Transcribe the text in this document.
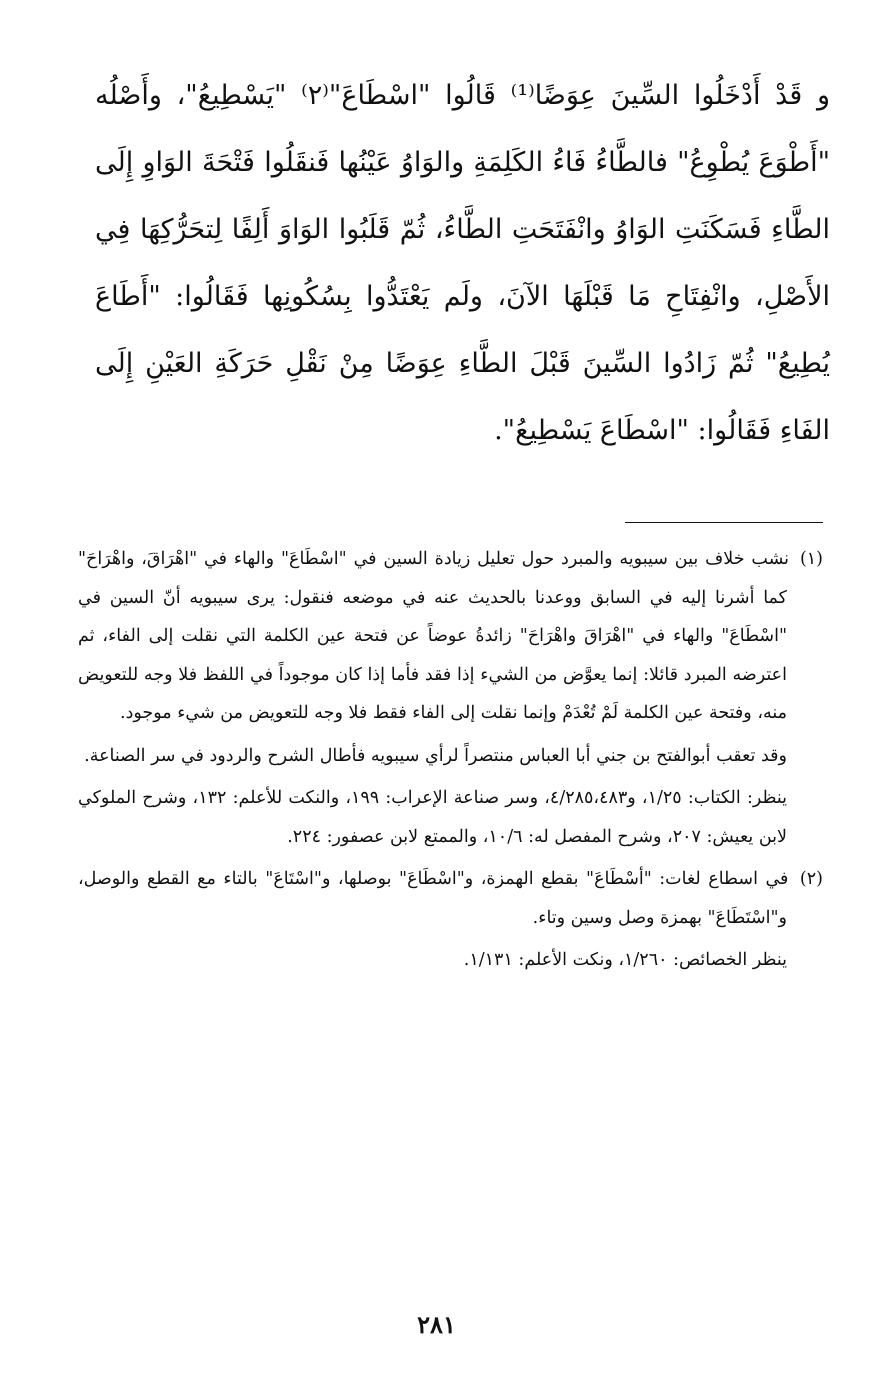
و قَدْ أَدْخَلُوا السِّينَ عِوَضًا⁽¹⁾ قَالُوا "اسْطَاعَ"⁽٢⁾ "يَسْطِيعُ"، وأَصْلُه "أَطْوَعَ يُطْوِعُ" فالطَّاءُ فَاءُ الكَلِمَةِ والوَاوُ عَيْنُها فَنقَلُوا فَتْحَةَ الوَاوِ إِلَى الطَّاءِ فَسَكَنَتِ الوَاوُ وانْفَتَحَتِ الطَّاءُ، ثُمّ قَلَبُوا الوَاوَ أَلِفًا لِتحَرُّكِهَا فِي الأَصْلِ، وانْفِتَاحِ مَا قَبْلَهَا الآنَ، ولَم يَعْتَدُّوا بِسُكُونِها فَقَالُوا: "أَطَاعَ يُطِيعُ" ثُمّ زَادُوا السِّينَ قَبْلَ الطَّاءِ عِوَضًا مِنْ نَقْلِ حَرَكَةِ العَيْنِ إِلَى الفَاءِ فَقَالُوا: "اسْطَاعَ يَسْطِيعُ".

(١) نشب خلاف بين سيبويه والمبرد حول تعليل زيادة السين في "اسْطَاعَ" والهاء في "اهْرَاقَ، واهْرَاحَ" كما أشرنا إليه في السابق ووعدنا بالحديث عنه في موضعه فنقول: يرى سيبويه أنّ السين في "اسْطَاعَ" والهاء في "اهْرَاقَ واهْرَاحَ" زائدةُ عوضاً عن فتحة عين الكلمة التي نقلت إلى الفاء، ثم اعترضه المبرد قائلا: إنما يعوَّض من الشيء إذا فقد فأما إذا كان موجوداً في اللفظ فلا وجه للتعويض منه، وفتحة عين الكلمة لَمْ تُعْدَمْ وإنما نقلت إلى الفاء فقط فلا وجه للتعويض من شيء موجود.

وقد تعقب أبوالفتح بن جني أبا العباس منتصراً لرأي سيبويه فأطال الشرح والردود في سر الصناعة.

ينظر: الكتاب: ١/٢٥، و٤/٢٨٥،٤٨٣، وسر صناعة الإعراب: ١٩٩، والنكت للأعلم: ١٣٢، وشرح الملوكي لابن يعيش: ٢٠٧، وشرح المفصل له: ١٠/٦، والممتع لابن عصفور: ٢٢٤.

(٢) في اسطاع لغات: "أسْطَاعَ" بقطع الهمزة، و"اسْطَاعَ" بوصلها، و"اسْتَاعَ" بالتاء مع القطع والوصل، و"اسْتَطَاعَ" بهمزة وصل وسين وتاء.

ينظر الخصائص: ١/٢٦٠، ونكت الأعلم: ١/١٣١.

٢٨١
